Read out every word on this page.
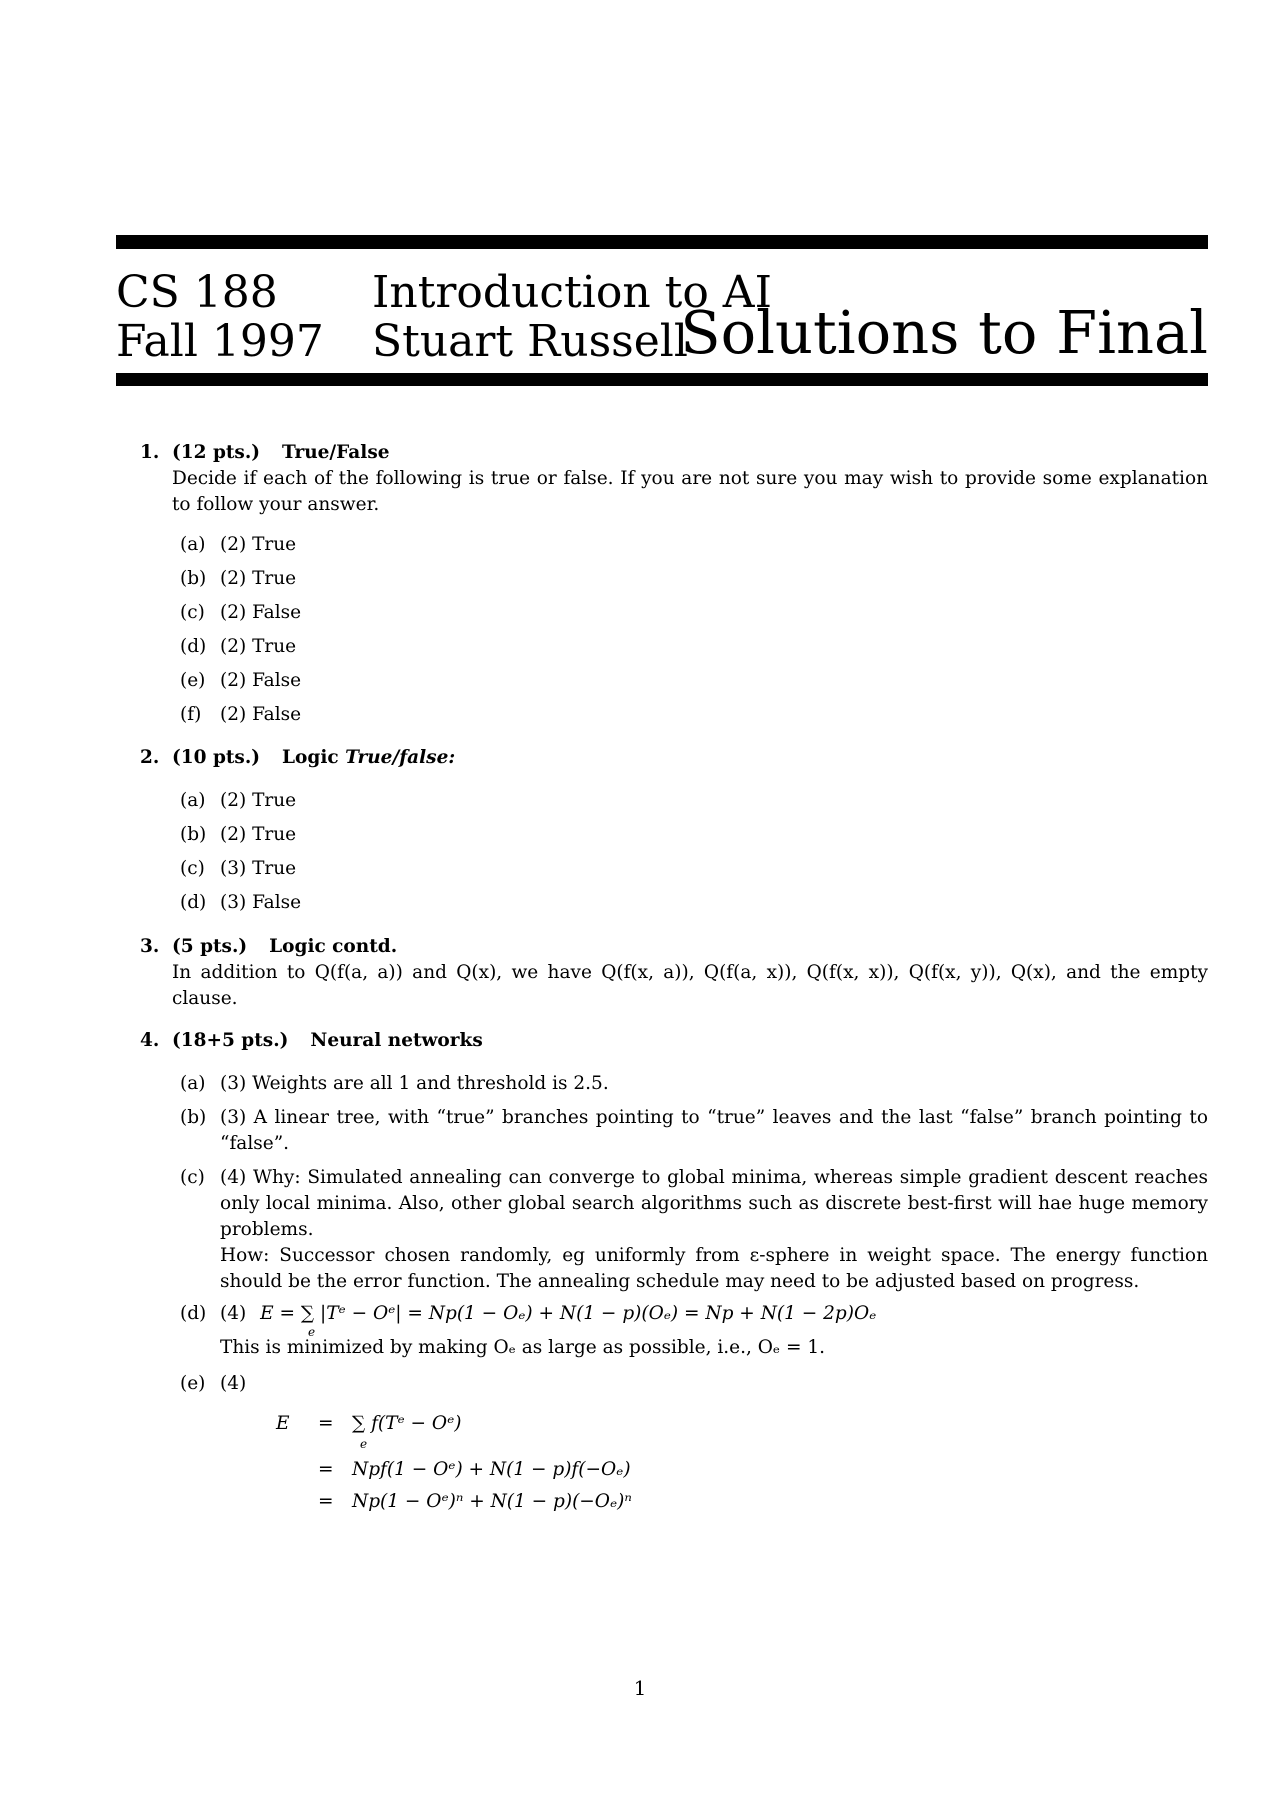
CS 188
Fall 1997
Introduction to AI
Stuart Russell
Solutions to Final
1. (12 pts.) True/False
Decide if each of the following is true or false. If you are not sure you may wish to provide some explanation to follow your answer.
(a) (2) True
(b) (2) True
(c) (2) False
(d) (2) True
(e) (2) False
(f) (2) False
2. (10 pts.) Logic True/false:
(a) (2) True
(b) (2) True
(c) (3) True
(d) (3) False
3. (5 pts.) Logic contd.
In addition to Q(f(a, a)) and Q(x), we have Q(f(x, a)), Q(f(a, x)), Q(f(x, x)), Q(f(x, y)), Q(x), and the empty clause.
4. (18+5 pts.) Neural networks
(a) (3) Weights are all 1 and threshold is 2.5.
(b) (3) A linear tree, with “true” branches pointing to “true” leaves and the last “false” branch pointing to “false”.
(c) (4) Why: Simulated annealing can converge to global minima, whereas simple gradient descent reaches only local minima. Also, other global search algorithms such as discrete best-first will hae huge memory problems.
How: Successor chosen randomly, eg uniformly from ε-sphere in weight space. The energy function should be the error function. The annealing schedule may need to be adjusted based on progress.
(d) (4) E = ∑ |Tᵉ − Oᵉ| = Np(1 − Oₑ) + N(1 − p)(Oₑ) = Np + N(1 − 2p)Oₑ
e
This is minimized by making Oₑ as large as possible, i.e., Oₑ = 1.
(e) (4)
E = ∑ f(Tᵉ − Oᵉ)
e
= Npf(1 − Oᵉ) + N(1 − p)f(−Oₑ)
= Np(1 − Oᵉ)ⁿ + N(1 − p)(−Oₑ)ⁿ
1
